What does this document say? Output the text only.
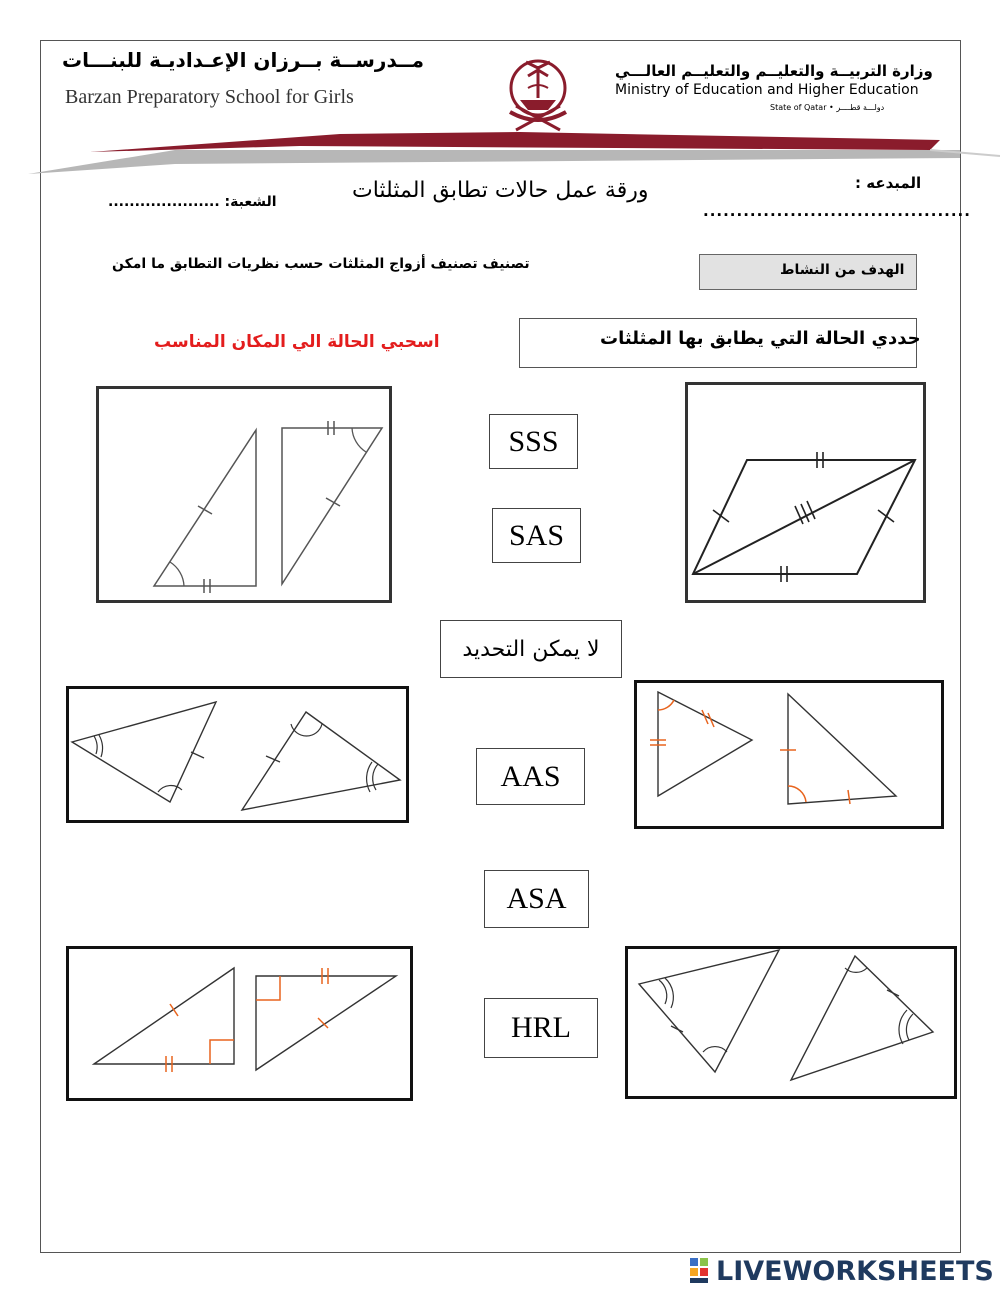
مــدرســة بــرزان الإعـداديـة للبنـــات
Barzan Preparatory School for Girls
وزارة التربيــة والتعليــم والتعليــم العالـــي
Ministry of Education and Higher Education
State of Qatar • دولـــة قطــــر
ورقة عمل حالات تطابق المثلثات	المبدعه :
........................................
الشعبة: .....................
الهدف من النشاط
تصنيف تصنيف أزواج المثلثات حسب نظريات التطابق ما امكن
حددي الحالة التي يطابق بها المثلثات
اسحبي الحالة الي المكان المناسب
SSS
SAS
لا يمكن التحديد
AAS
ASA
HRL
LIVEWORKSHEETS
